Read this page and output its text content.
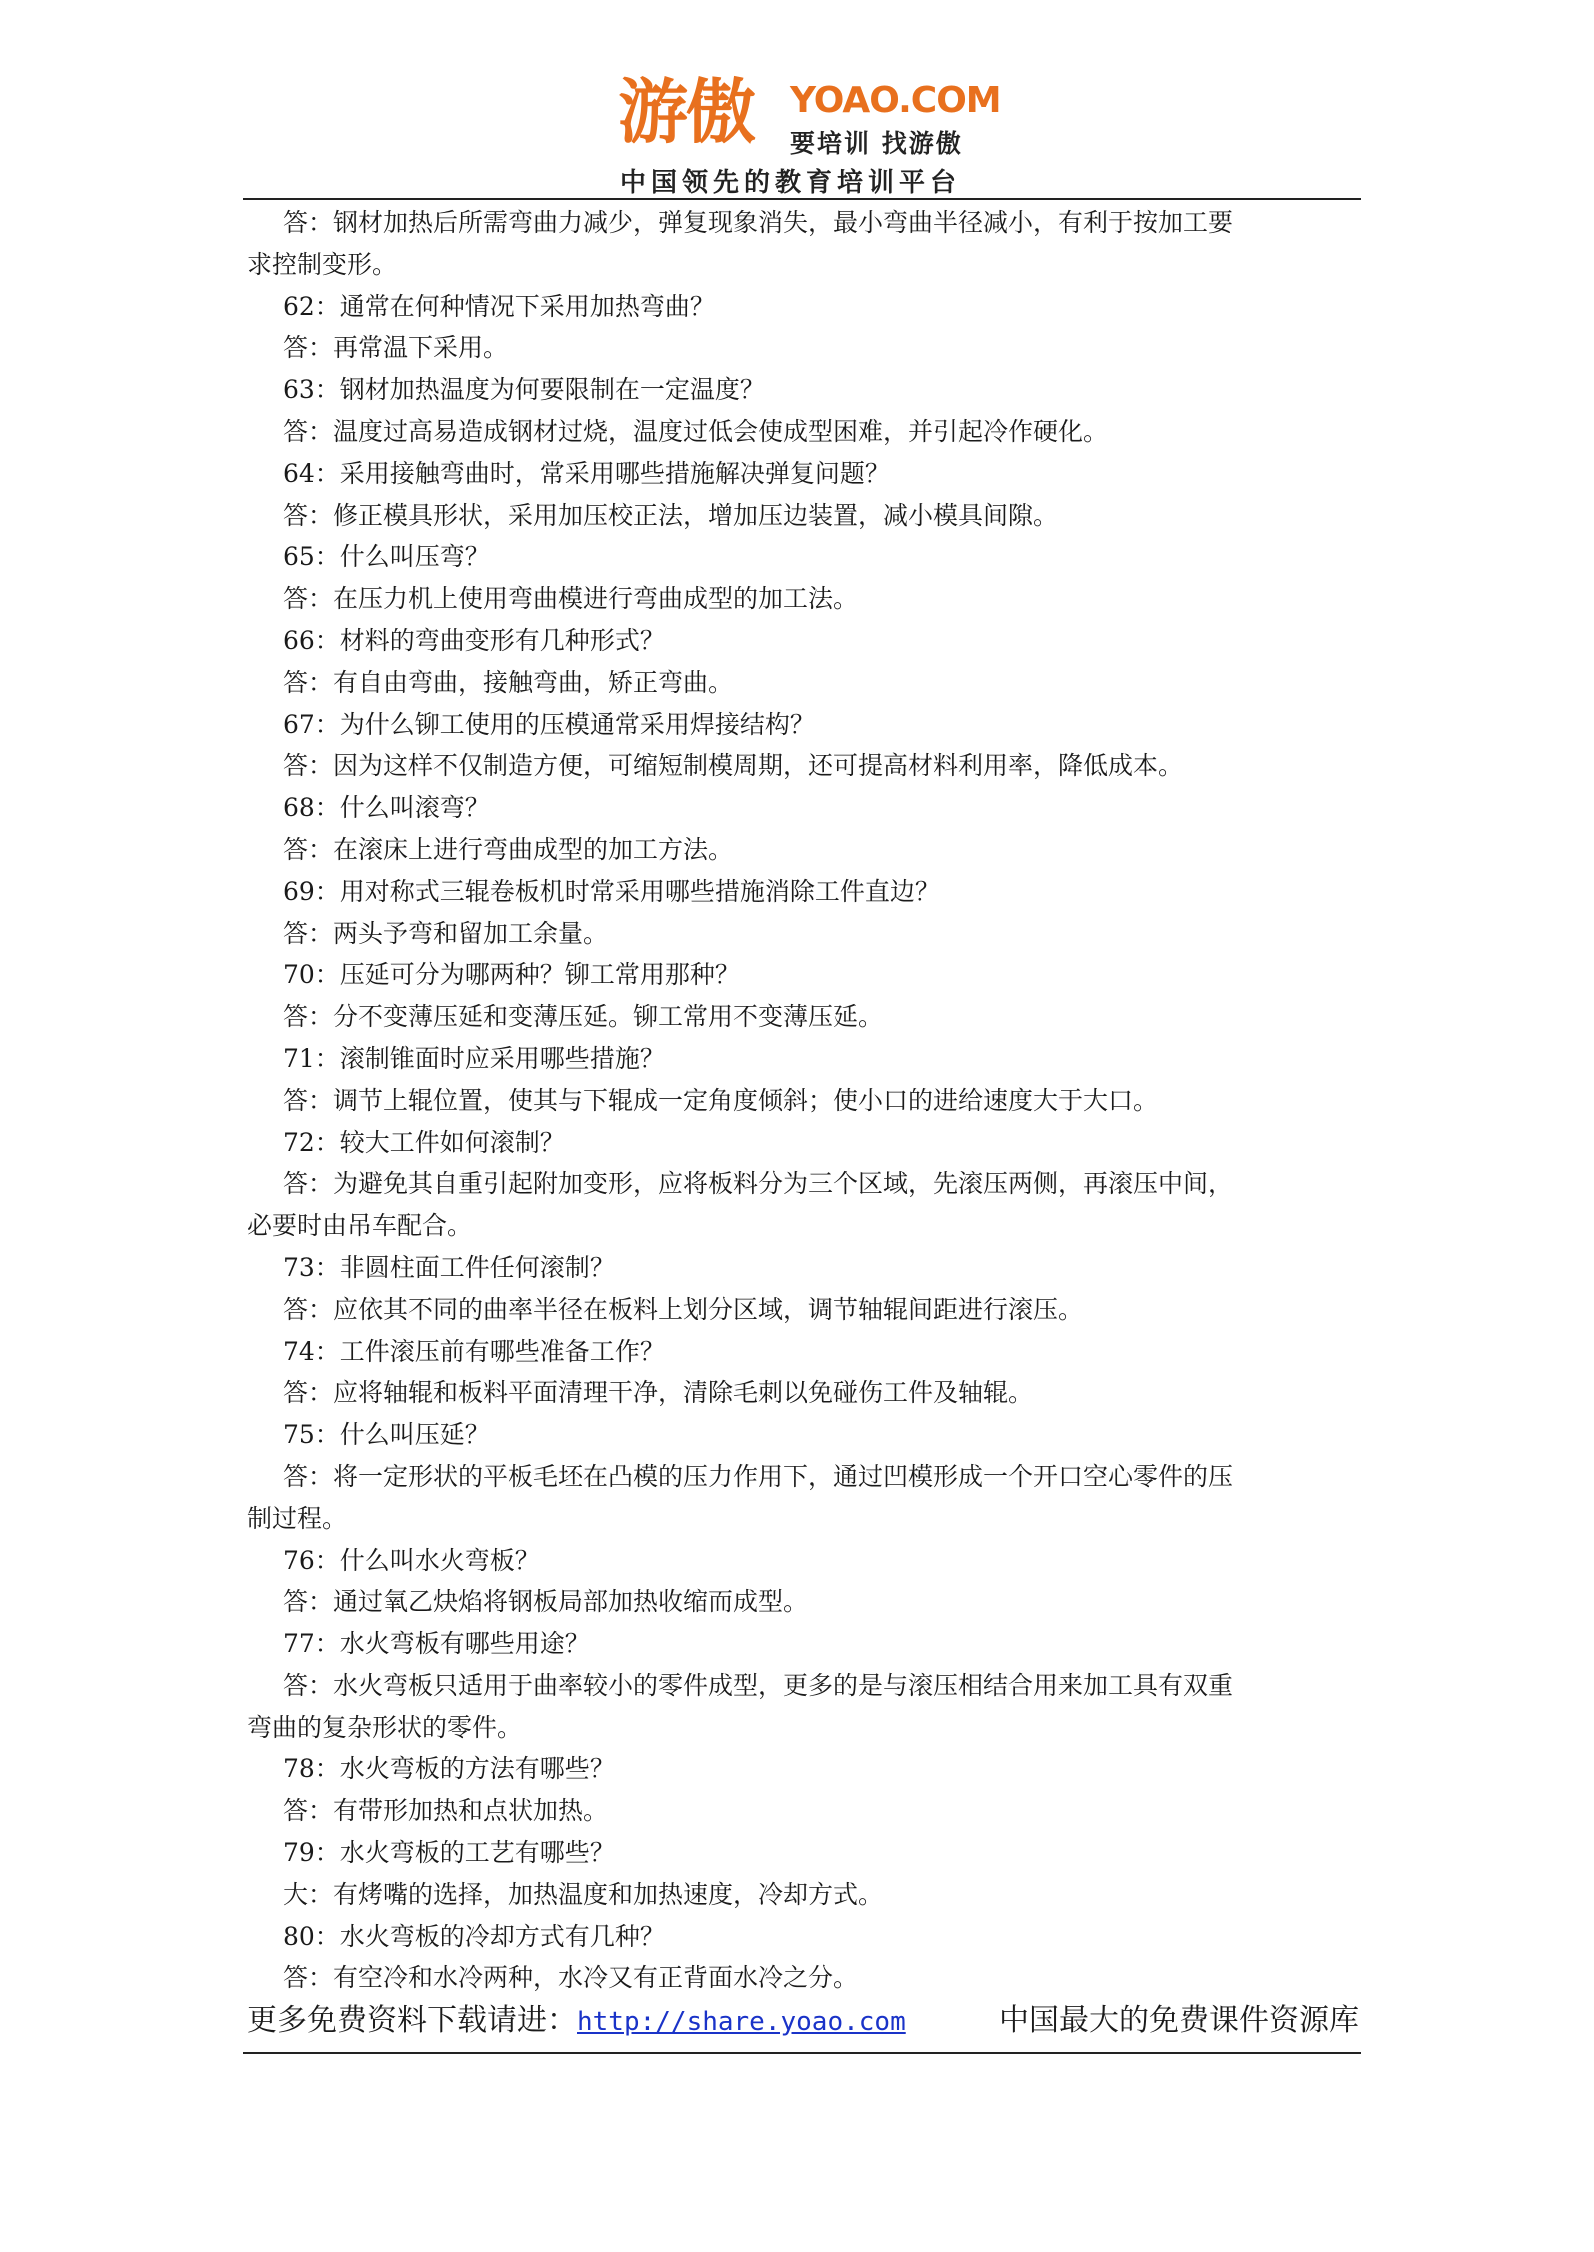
游傲 YOAO.COM
要培训 找游傲
中国领先的教育培训平台
答：钢材加热后所需弯曲力减少，弹复现象消失，最小弯曲半径减小，有利于按加工要
求控制变形。
62：通常在何种情况下采用加热弯曲？
答：再常温下采用。
63：钢材加热温度为何要限制在一定温度？
答：温度过高易造成钢材过烧，温度过低会使成型困难，并引起冷作硬化。
64：采用接触弯曲时，常采用哪些措施解决弹复问题？
答：修正模具形状，采用加压校正法，增加压边装置，减小模具间隙。
65：什么叫压弯？
答：在压力机上使用弯曲模进行弯曲成型的加工法。
66：材料的弯曲变形有几种形式？
答：有自由弯曲，接触弯曲，矫正弯曲。
67：为什么铆工使用的压模通常采用焊接结构？
答：因为这样不仅制造方便，可缩短制模周期，还可提高材料利用率，降低成本。
68：什么叫滚弯？
答：在滚床上进行弯曲成型的加工方法。
69：用对称式三辊卷板机时常采用哪些措施消除工件直边？
答：两头予弯和留加工余量。
70：压延可分为哪两种？铆工常用那种？
答：分不变薄压延和变薄压延。铆工常用不变薄压延。
71：滚制锥面时应采用哪些措施？
答：调节上辊位置，使其与下辊成一定角度倾斜；使小口的进给速度大于大口。
72：较大工件如何滚制？
答：为避免其自重引起附加变形，应将板料分为三个区域，先滚压两侧，再滚压中间，
必要时由吊车配合。
73：非圆柱面工件任何滚制？
答：应依其不同的曲率半径在板料上划分区域，调节轴辊间距进行滚压。
74：工件滚压前有哪些准备工作？
答：应将轴辊和板料平面清理干净，清除毛刺以免碰伤工件及轴辊。
75：什么叫压延？
答：将一定形状的平板毛坯在凸模的压力作用下，通过凹模形成一个开口空心零件的压
制过程。
76：什么叫水火弯板？
答：通过氧乙炔焰将钢板局部加热收缩而成型。
77：水火弯板有哪些用途？
答：水火弯板只适用于曲率较小的零件成型，更多的是与滚压相结合用来加工具有双重
弯曲的复杂形状的零件。
78：水火弯板的方法有哪些？
答：有带形加热和点状加热。
79：水火弯板的工艺有哪些？
大：有烤嘴的选择，加热温度和加热速度，冷却方式。
80：水火弯板的冷却方式有几种？
答：有空冷和水冷两种，水冷又有正背面水冷之分。
更多免费资料下载请进：http://share.yoao.com	中国最大的免费课件资源库
